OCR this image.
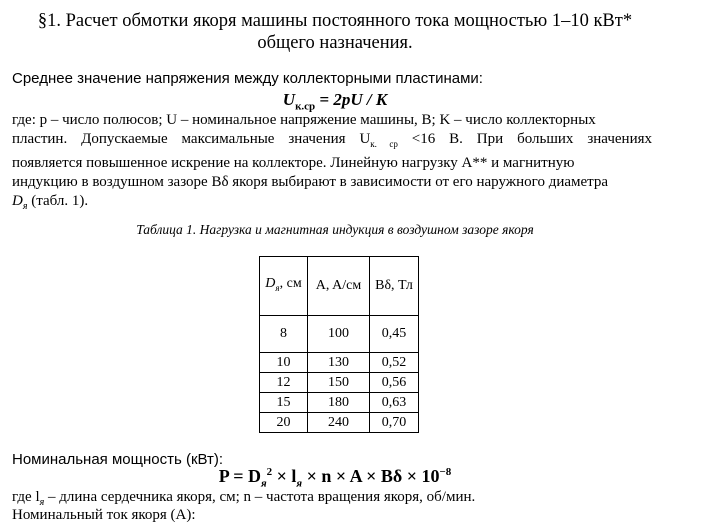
§1. Расчет обмотки якоря машины постоянного тока мощностью 1–10 кВт*
общего назначения.
Среднее значение напряжения между коллекторными пластинами:
$U_{к.ср} = 2pU / K$
где: p – число полюсов; U – номинальное напряжение машины, В; K – число коллекторных
пластин. Допускаемые максимальные значения $U_{к. ср} <16$ В. При больших значениях
появляется повышенное искрение на коллекторе. Линейную нагрузку А** и магнитную
индукцию в воздушном зазоре Bδ якоря выбирают в зависимости от его наружного диаметра
$D_я$ (табл. 1).
Таблица 1. Нагрузка и магнитная индукция в воздушном зазоре якоря
$D_я$, см	A, A/см	Bδ, Тл
8	100	0,45
10	130	0,52
12	150	0,56
15	180	0,63
20	240	0,70
Номинальная мощность (кВт):
$P = D_я^2 \times l_я \times n \times A \times B\delta \times 10^{-8}$
где $l_я$ – длина сердечника якоря, см; n – частота вращения якоря, об/мин.
Номинальный ток якоря (А):
